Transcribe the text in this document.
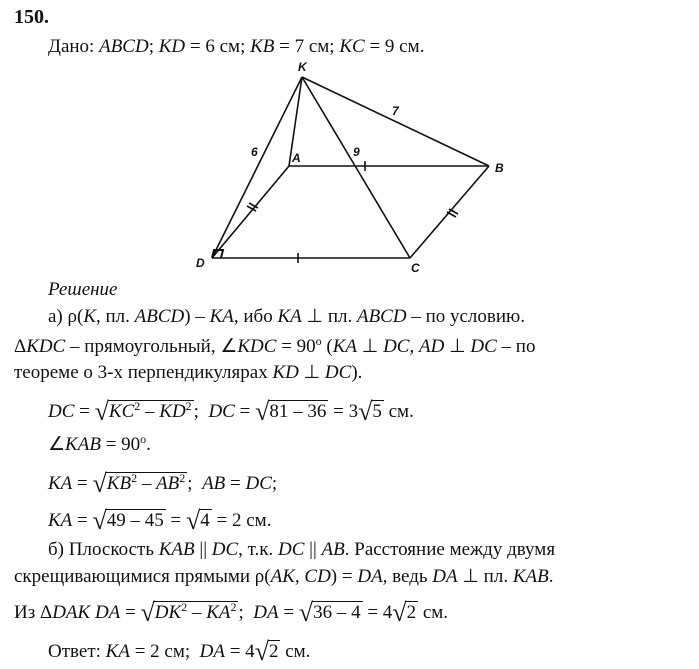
150.
Дано: ABCD; KD = 6 см; KB = 7 см; KC = 9 см.
K
A
B
C
D
6
7
9
Решение
а) ρ(K, пл. ABCD) – KA, ибо KA ⊥ пл. ABCD – по условию.
ΔKDC – прямоугольный, ∠KDC = $90^о$ (KA ⊥ DC, AD ⊥ DC – по
теореме о 3-х перпендикулярах KD ⊥ DC).
DC = $√KC^2 - KD^2$ ;  DC = √81 – 36 = 3√5 см.
∠KAB = $90^о$.
KA = $√KB^2 - AB^2$ ;  AB = DC;
KA = √49 – 45 = √4 = 2 см.
б) Плоскость KAB || DC, т.к. DC || AB. Расстояние между двумя
скрещивающимися прямыми ρ(AK, CD) = DA, ведь DA ⊥ пл. KAB.
Из ΔDAK DA = $√DK^2 - KA^2$ ;  DA = √36 – 4 = 4√2 см.
Ответ: KA = 2 см;  DA = 4√2 см.
